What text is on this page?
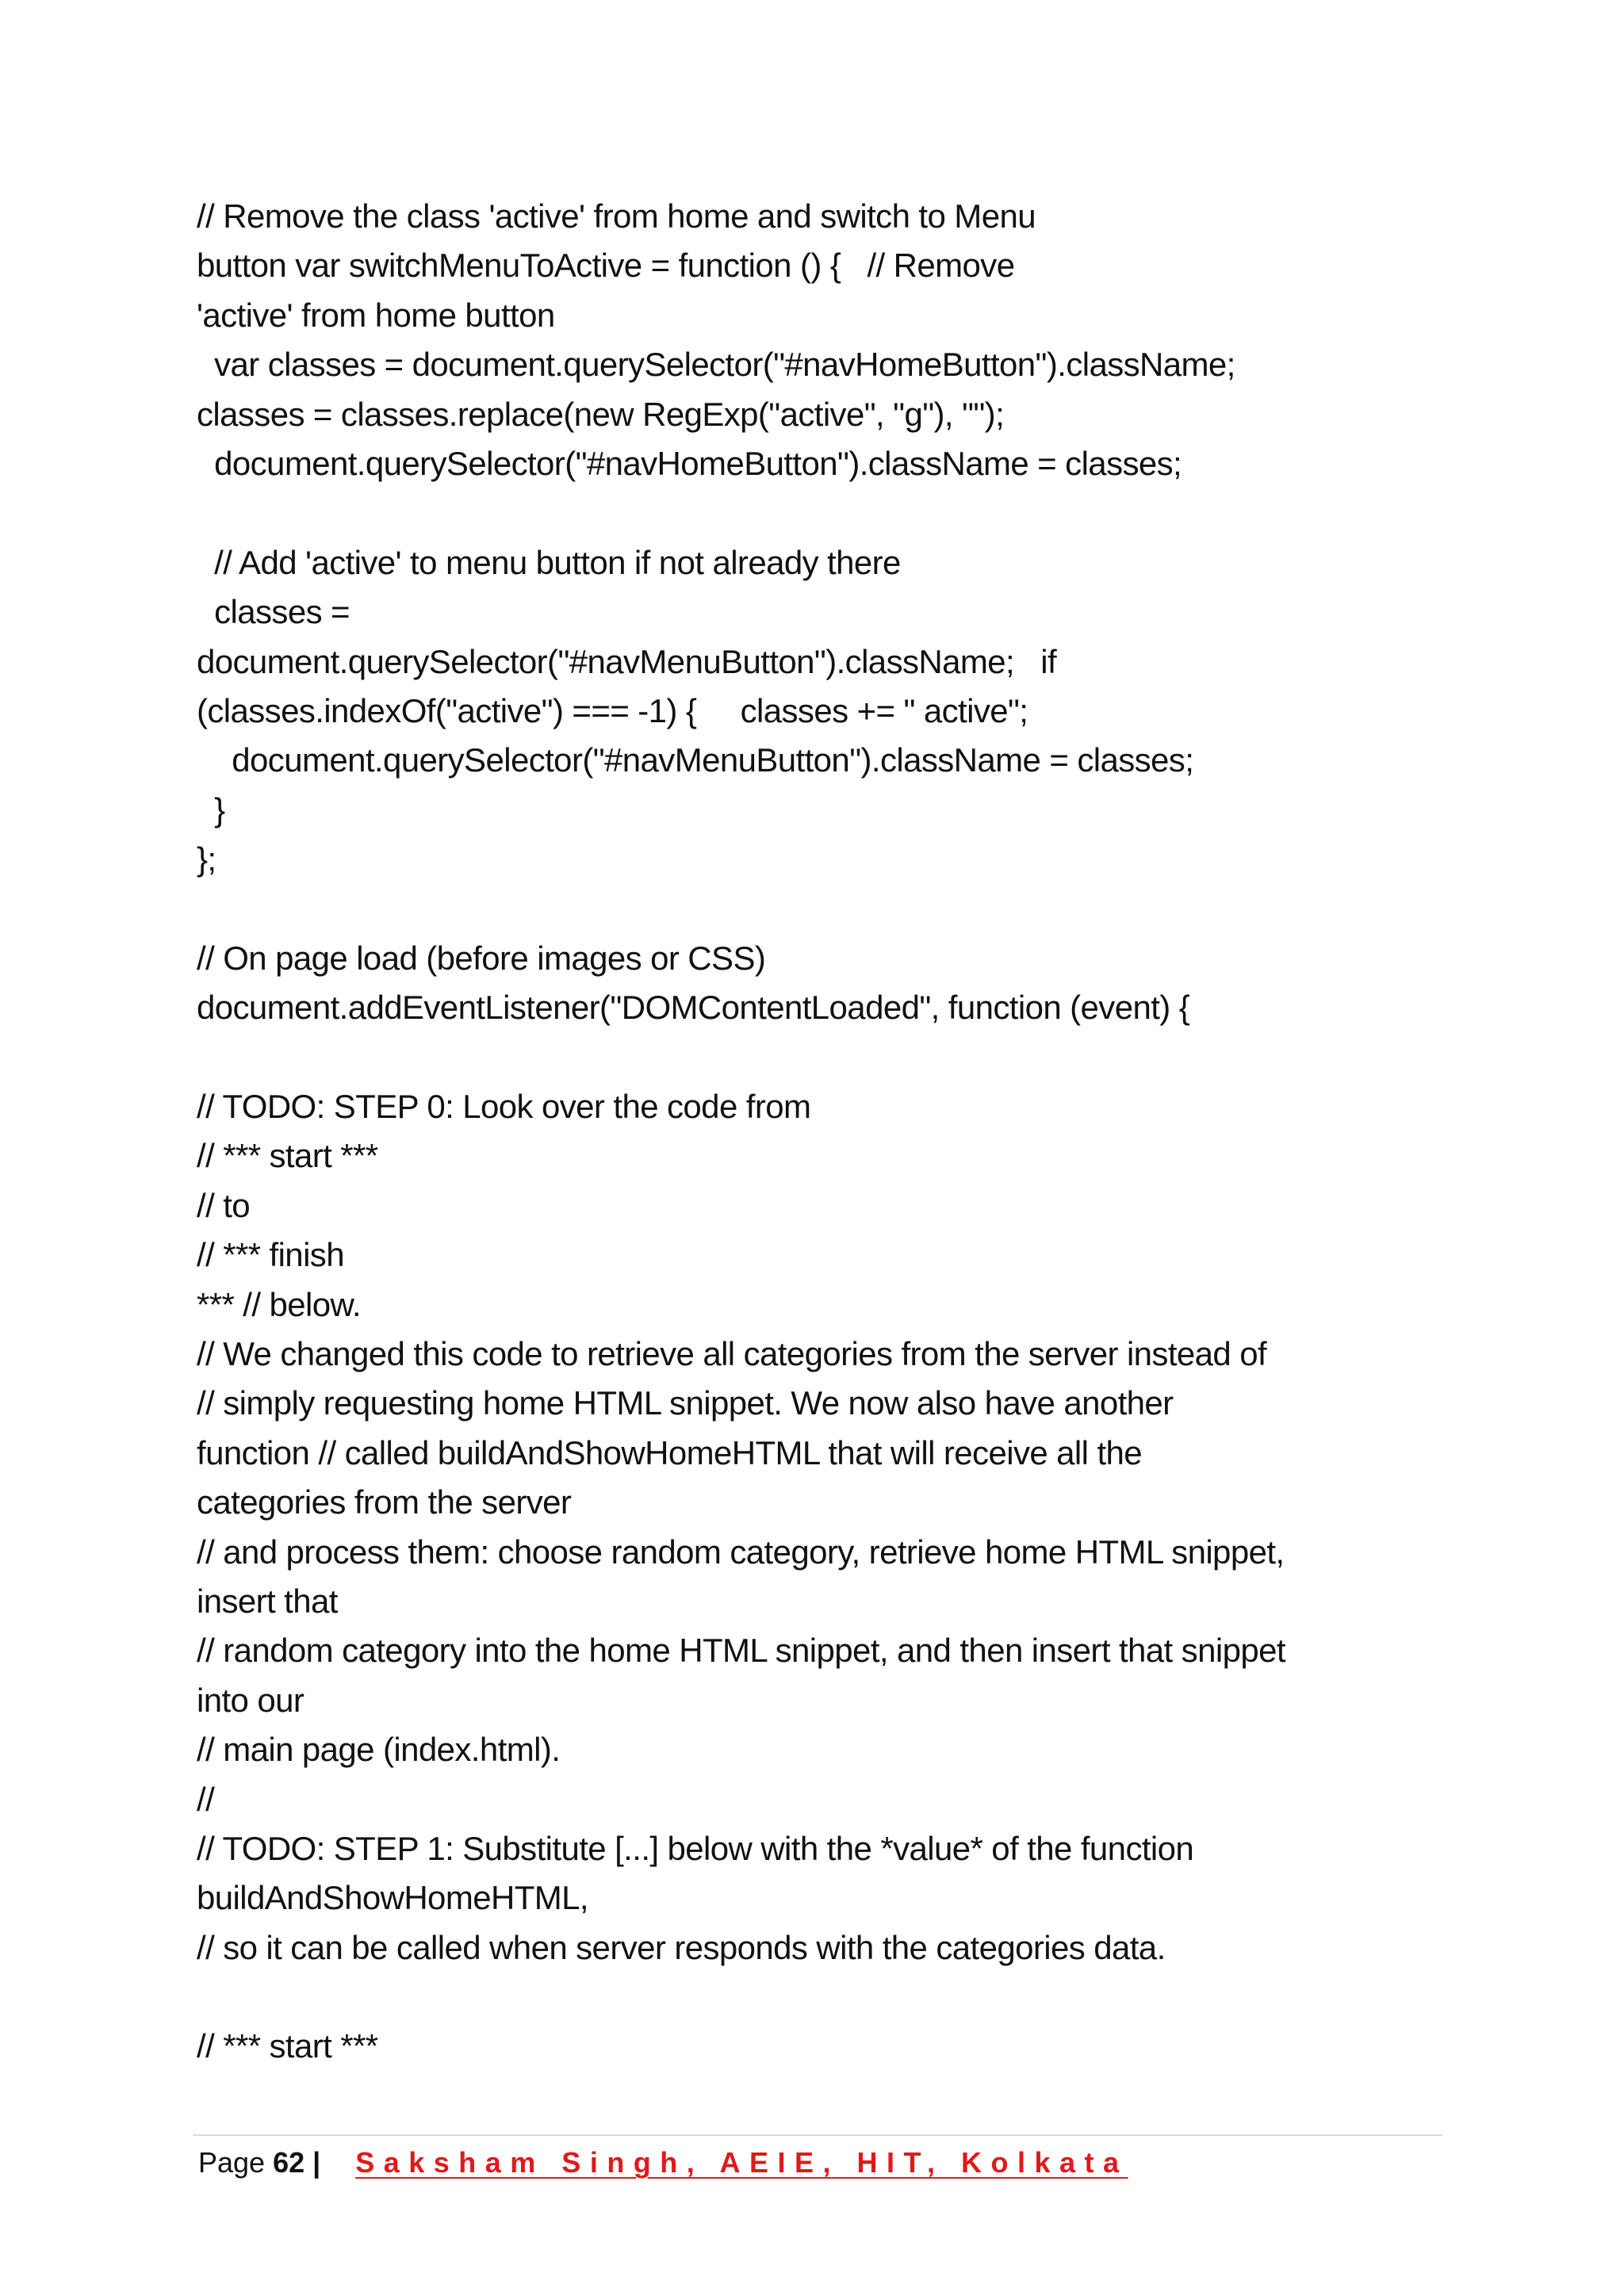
// Remove the class 'active' from home and switch to Menu
button var switchMenuToActive = function () {   // Remove
'active' from home button
var classes = document.querySelector("#navHomeButton").className;
classes = classes.replace(new RegExp("active", "g"), "");
document.querySelector("#navHomeButton").className = classes;
// Add 'active' to menu button if not already there
classes =
document.querySelector("#navMenuButton").className;   if
(classes.indexOf("active") === -1) {     classes += " active";
document.querySelector("#navMenuButton").className = classes;
}
};
// On page load (before images or CSS)
document.addEventListener("DOMContentLoaded", function (event) {
// TODO: STEP 0: Look over the code from
// *** start ***
// to
// *** finish
*** // below.
// We changed this code to retrieve all categories from the server instead of
// simply requesting home HTML snippet. We now also have another
function // called buildAndShowHomeHTML that will receive all the
categories from the server
// and process them: choose random category, retrieve home HTML snippet,
insert that
// random category into the home HTML snippet, and then insert that snippet
into our
// main page (index.html).
//
// TODO: STEP 1: Substitute [...] below with the *value* of the function
buildAndShowHomeHTML,
// so it can be called when server responds with the categories data.
// *** start ***
Page 62 | Saksham Singh, AEIE, HIT, Kolkata
